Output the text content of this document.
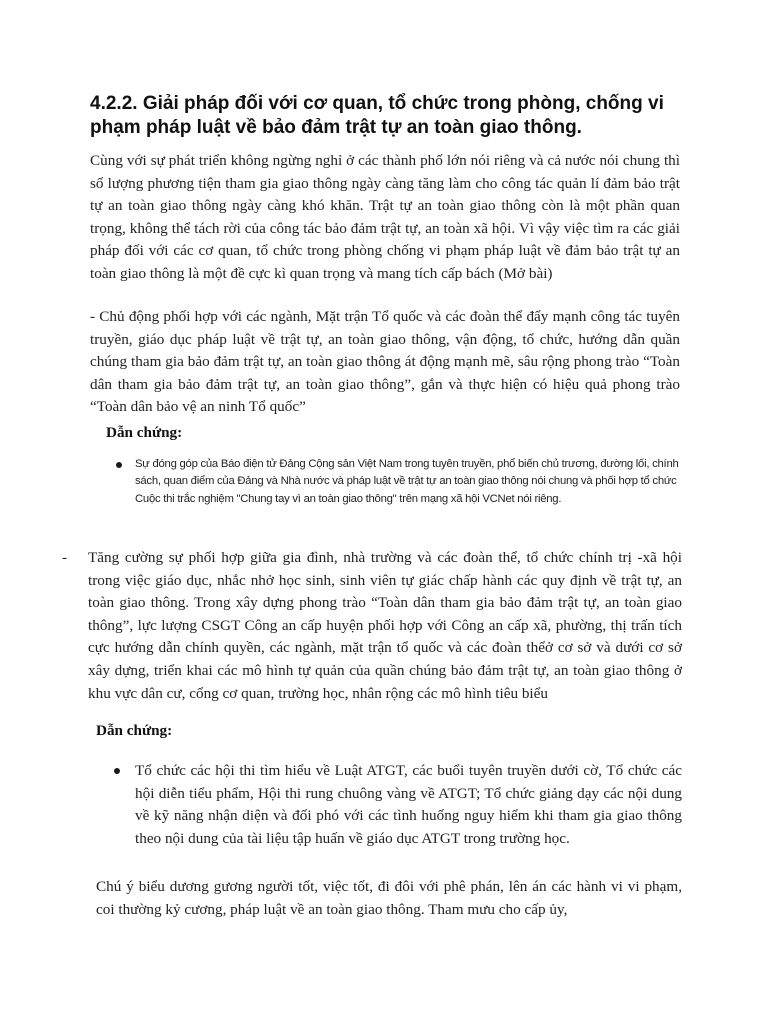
4.2.2. Giải pháp đối với cơ quan, tổ chức trong phòng, chống vi phạm pháp luật về bảo đảm trật tự an toàn giao thông.

Cùng với sự phát triển không ngừng nghỉ ở các thành phố lớn nói riêng và cả nước nói chung thì số lượng phương tiện tham gia giao thông ngày càng tăng làm cho công tác quản lí đảm bảo trật tự an toàn giao thông ngày càng khó khăn. Trật tự an toàn giao thông còn là một phần quan trọng, không thể tách rời của công tác bảo đảm trật tự, an toàn xã hội. Vì vậy việc tìm ra các giải pháp đối với các cơ quan, tổ chức trong phòng chống vi phạm pháp luật về đảm bảo trật tự an toàn giao thông là một đề cực kì quan trọng và mang tích cấp bách (Mở bài)

- Chủ động phối hợp với các ngành, Mặt trận Tổ quốc và các đoàn thể đẩy mạnh công tác tuyên truyền, giáo dục pháp luật về trật tự, an toàn giao thông, vận động, tổ chức, hướng dẫn quần chúng tham gia bảo đảm trật tự, an toàn giao thông át động mạnh mẽ, sâu rộng phong trào “Toàn dân tham gia bảo đảm trật tự, an toàn giao thông”, gắn và thực hiện có hiệu quả phong trào “Toàn dân bảo vệ an ninh Tổ quốc”

Dẫn chứng:

Sự đóng góp của Báo điện tử Đảng Cộng sản Việt Nam trong tuyên truyền, phổ biến chủ trương, đường lối, chính sách, quan điểm của Đảng và Nhà nước và pháp luật về trật tự an toàn giao thông nói chung và phối hợp tổ chức Cuộc thi trắc nghiệm "Chung tay vì an toàn giao thông" trên mạng xã hội VCNet nói riêng.

-	Tăng cường sự phối hợp giữa gia đình, nhà trường và các đoàn thể, tổ chức chính trị -xã hội trong việc giáo dục, nhắc nhở học sinh, sinh viên tự giác chấp hành các quy định về trật tự, an toàn giao thông. Trong xây dựng phong trào “Toàn dân tham gia bảo đảm trật tự, an toàn giao thông”, lực lượng CSGT Công an cấp huyện phối hợp với Công an cấp xã, phường, thị trấn tích cực hướng dẫn chính quyền, các ngành, mặt trận tổ quốc và các đoàn thểở cơ sở và dưới cơ sở xây dựng, triển khai các mô hình tự quản của quần chúng bảo đảm trật tự, an toàn giao thông ở khu vực dân cư, cổng cơ quan, trường học, nhân rộng các mô hình tiêu biểu

Dẫn chứng:

Tổ chức các hội thi tìm hiểu về Luật ATGT, các buổi tuyên truyền dưới cờ, Tổ chức các hội diễn tiểu phẩm, Hội thi rung chuông vàng về ATGT; Tổ chức giảng dạy các nội dung về kỹ năng nhận diện và đối phó với các tình huống nguy hiểm khi tham gia giao thông theo nội dung của tài liệu tập huấn về giáo dục ATGT trong trường học.

Chú ý biểu dương gương người tốt, việc tốt, đi đôi với phê phán, lên án các hành vi vi phạm, coi thường kỷ cương, pháp luật về an toàn giao thông. Tham mưu cho cấp ủy,
